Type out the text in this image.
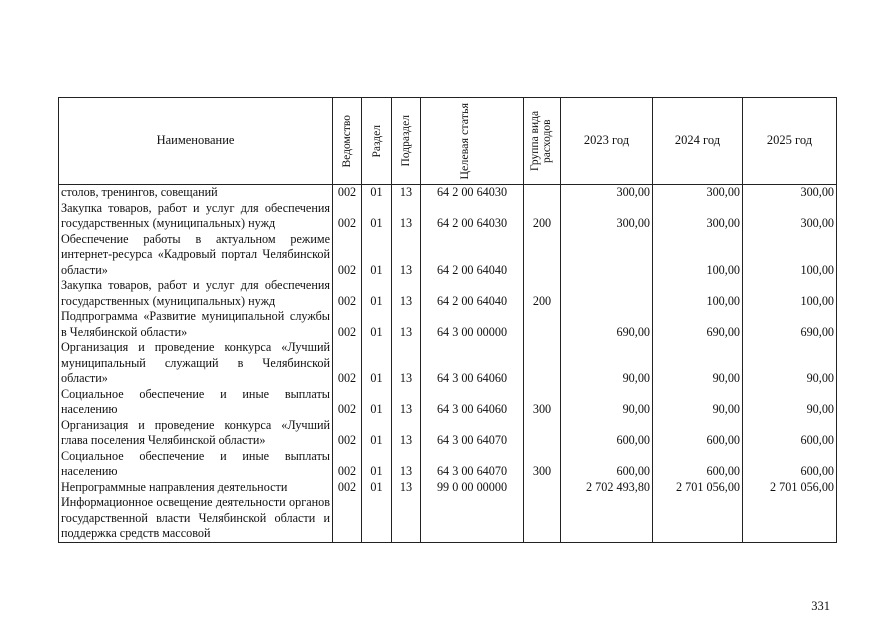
Наименование	Ведомство	Раздел	Подраздел	Целевая статья	Группа вида расходов	2023 год	2024 год	2025 год
столов, тренингов, совещаний	002	01	13	64 2 00 64030		300,00	300,00	300,00
Закупка товаров, работ и услуг для обеспечения государственных (муниципальных) нужд	002	01	13	64 2 00 64030	200	300,00	300,00	300,00
Обеспечение работы в актуальном режиме интернет-ресурса «Кадровый портал Челябинской области»	002	01	13	64 2 00 64040			100,00	100,00
Закупка товаров, работ и услуг для обеспечения государственных (муниципальных) нужд	002	01	13	64 2 00 64040	200		100,00	100,00
Подпрограмма «Развитие муниципальной службы в Челябинской области»	002	01	13	64 3 00 00000		690,00	690,00	690,00
Организация и проведение конкурса «Лучший муниципальный служащий в Челябинской области»	002	01	13	64 3 00 64060		90,00	90,00	90,00
Социальное обеспечение и иные выплаты населению	002	01	13	64 3 00 64060	300	90,00	90,00	90,00
Организация и проведение конкурса «Лучший глава поселения Челябинской области»	002	01	13	64 3 00 64070		600,00	600,00	600,00
Социальное обеспечение и иные выплаты населению	002	01	13	64 3 00 64070	300	600,00	600,00	600,00
Непрограммные направления деятельности	002	01	13	99 0 00 00000		2 702 493,80	2 701 056,00	2 701 056,00
Информационное освещение деятельности органов государственной власти Челябинской области и поддержка средств массовой								
331
